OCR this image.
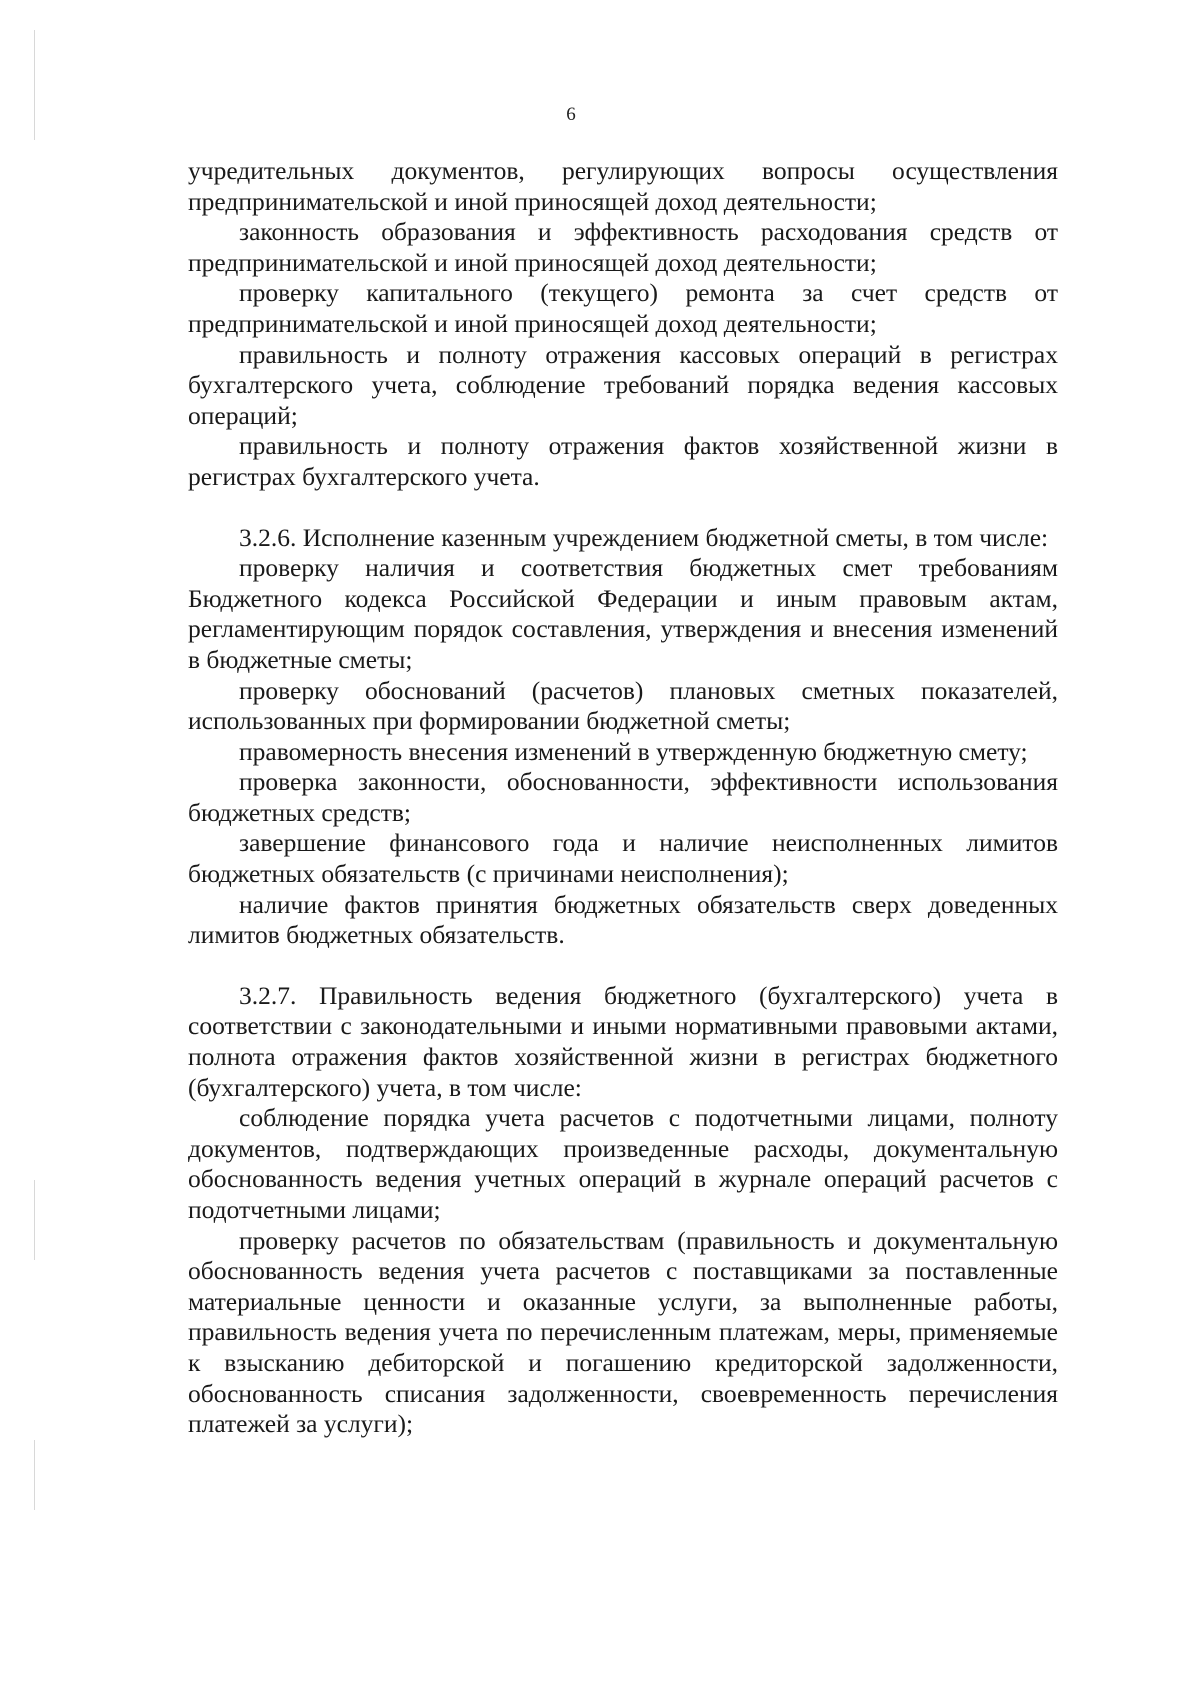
6

учредительных документов, регулирующих вопросы осуществления предпринимательской и иной приносящей доход деятельности;

законность образования и эффективность расходования средств от предпринимательской и иной приносящей доход деятельности;

проверку капитального (текущего) ремонта за счет средств от предпринимательской и иной приносящей доход деятельности;

правильность и полноту отражения кассовых операций в регистрах бухгалтерского учета, соблюдение требований порядка ведения кассовых операций;

правильность и полноту отражения фактов хозяйственной жизни в регистрах бухгалтерского учета.

3.2.6. Исполнение казенным учреждением бюджетной сметы, в том числе:

проверку наличия и соответствия бюджетных смет требованиям Бюджетного кодекса Российской Федерации и иным правовым актам, регламентирующим порядок составления, утверждения и внесения изменений в бюджетные сметы;

проверку обоснований (расчетов) плановых сметных показателей, использованных при формировании бюджетной сметы;

правомерность внесения изменений в утвержденную бюджетную смету;

проверка законности, обоснованности, эффективности использования бюджетных средств;

завершение финансового года и наличие неисполненных лимитов бюджетных обязательств (с причинами неисполнения);

наличие фактов принятия бюджетных обязательств сверх доведенных лимитов бюджетных обязательств.

3.2.7. Правильность ведения бюджетного (бухгалтерского) учета в соответствии с законодательными и иными нормативными правовыми актами, полнота отражения фактов хозяйственной жизни в регистрах бюджетного (бухгалтерского) учета, в том числе:

соблюдение порядка учета расчетов с подотчетными лицами, полноту документов, подтверждающих произведенные расходы, документальную обоснованность ведения учетных операций в журнале операций расчетов с подотчетными лицами;

проверку расчетов по обязательствам (правильность и документальную обоснованность ведения учета расчетов с поставщиками за поставленные материальные ценности и оказанные услуги, за выполненные работы, правильность ведения учета по перечисленным платежам, меры, применяемые к взысканию дебиторской и погашению кредиторской задолженности, обоснованность списания задолженности, своевременность перечисления платежей за услуги);
